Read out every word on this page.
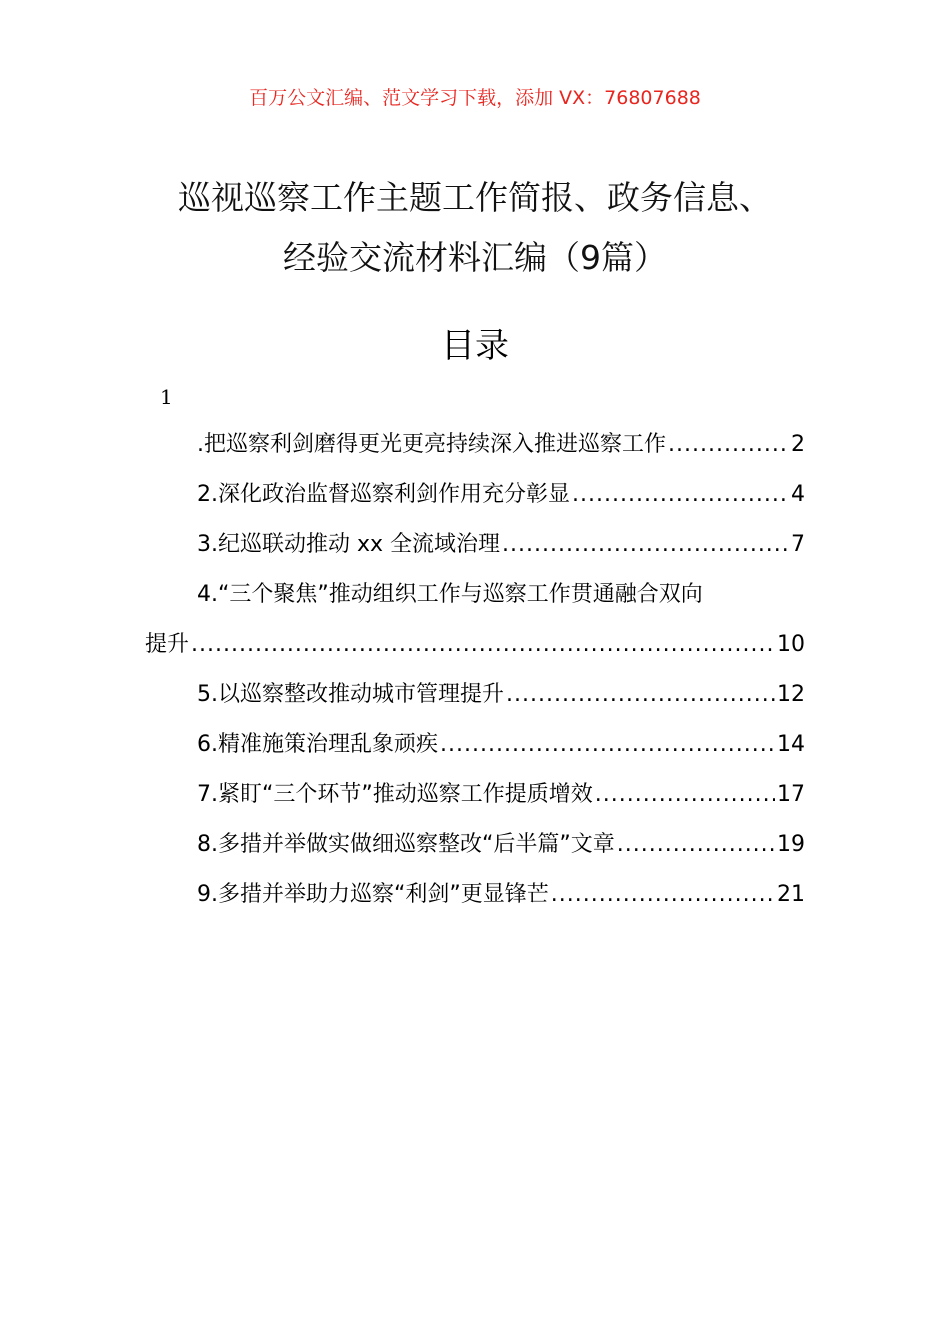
百万公文汇编、范文学习下载，添加 VX：76807688
巡视巡察工作主题工作简报、政务信息、
经验交流材料汇编（9篇）
目录
1
.把巡察利剑磨得更光更亮持续深入推进巡察工作 .....	2
2.深化政治监督巡察利剑作用充分彰显 .....	4
3.纪巡联动推动 xx 全流域治理 .....	7
4.“三个聚焦”推动组织工作与巡察工作贯通融合双向
提升 .....	10
5.以巡察整改推动城市管理提升 .....	12
6.精准施策治理乱象顽疾 .....	14
7.紧盯“三个环节”推动巡察工作提质增效 .....	17
8.多措并举做实做细巡察整改“后半篇”文章 .....	19
9.多措并举助力巡察“利剑”更显锋芒 .....	21
